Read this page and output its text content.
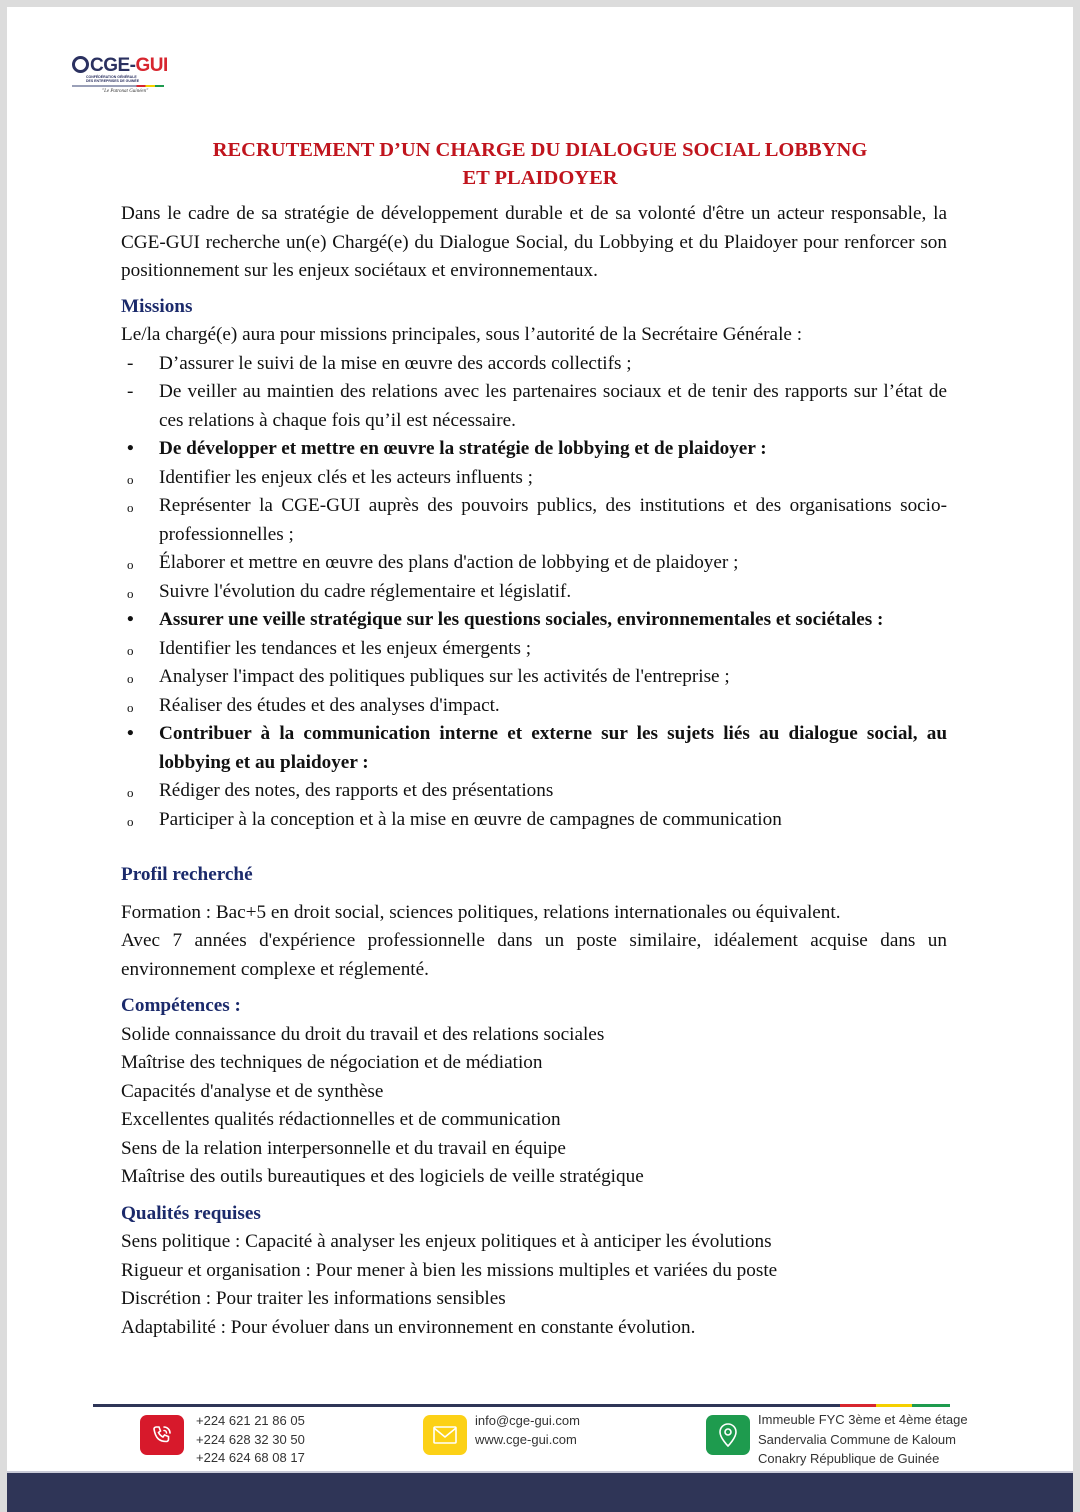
CGE-GUI
CONFÉDÉRATION GÉNÉRALE
DES ENTREPRISES DE GUINÉE
"Le Patronat Guinéen"
RECRUTEMENT D’UN CHARGE DU DIALOGUE SOCIAL LOBBYNG
ET PLAIDOYER

Dans le cadre de sa stratégie de développement durable et de sa volonté d'être un acteur responsable, la CGE-GUI recherche un(e) Chargé(e) du Dialogue Social, du Lobbying et du Plaidoyer pour renforcer son positionnement sur les enjeux sociétaux et environnementaux.

Missions

Le/la chargé(e) aura pour missions principales, sous l’autorité de la Secrétaire Générale :

-	D’assurer le suivi de la mise en œuvre des accords collectifs ;
-	De veiller au maintien des relations avec les partenaires sociaux et de tenir des rapports sur l’état de ces relations à chaque fois qu’il est nécessaire.
•	De développer et mettre en œuvre la stratégie de lobbying et de plaidoyer :
o	Identifier les enjeux clés et les acteurs influents ;
o	Représenter la CGE-GUI auprès des pouvoirs publics, des institutions et des organisations socio-professionnelles ;
o	Élaborer et mettre en œuvre des plans d'action de lobbying et de plaidoyer ;
o	Suivre l'évolution du cadre réglementaire et législatif.
•	Assurer une veille stratégique sur les questions sociales, environnementales et sociétales :
o	Identifier les tendances et les enjeux émergents ;
o	Analyser l'impact des politiques publiques sur les activités de l'entreprise ;
o	Réaliser des études et des analyses d'impact.
•	Contribuer à la communication interne et externe sur les sujets liés au dialogue social, au lobbying et au plaidoyer :
o	Rédiger des notes, des rapports et des présentations
o	Participer à la conception et à la mise en œuvre de campagnes de communication

Profil recherché

Formation : Bac+5 en droit social, sciences politiques, relations internationales ou équivalent.

Avec 7 années d'expérience professionnelle dans un poste similaire, idéalement acquise dans un environnement complexe et réglementé.

Compétences :

Solide connaissance du droit du travail et des relations sociales

Maîtrise des techniques de négociation et de médiation

Capacités d'analyse et de synthèse

Excellentes qualités rédactionnelles et de communication

Sens de la relation interpersonnelle et du travail en équipe

Maîtrise des outils bureautiques et des logiciels de veille stratégique

Qualités requises

Sens politique : Capacité à analyser les enjeux politiques et à anticiper les évolutions

Rigueur et organisation : Pour mener à bien les missions multiples et variées du poste

Discrétion : Pour traiter les informations sensibles

Adaptabilité : Pour évoluer dans un environnement en constante évolution.

+224 621 21 86 05
+224 628 32 30 50
+224 624 68 08 17
info@cge-gui.com
www.cge-gui.com
Immeuble FYC 3ème et 4ème étage
Sandervalia Commune de Kaloum
Conakry République de Guinée
